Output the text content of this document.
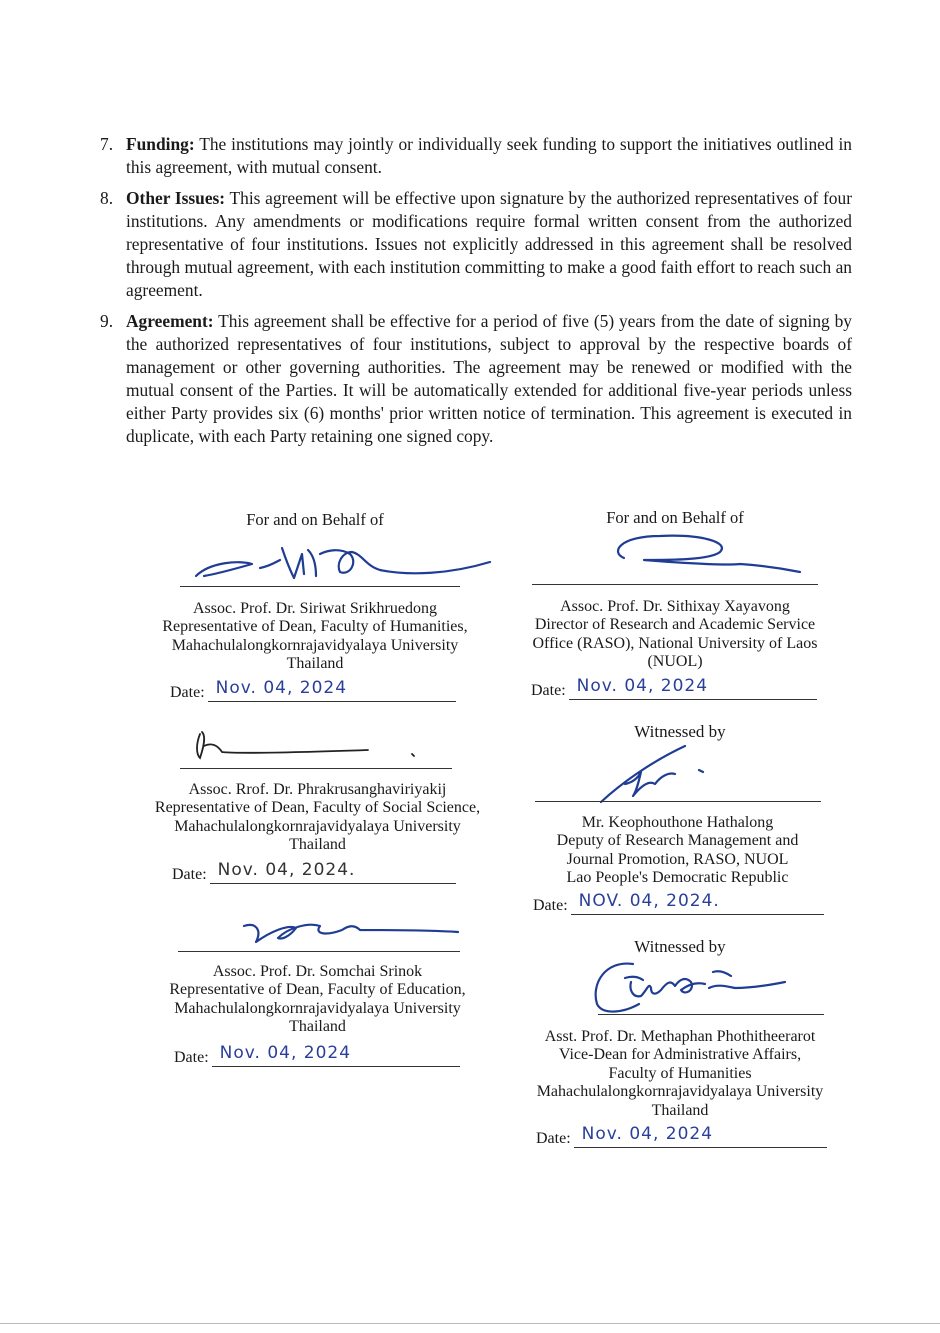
7. Funding: The institutions may jointly or individually seek funding to support the initiatives outlined in this agreement, with mutual consent.
8. Other Issues: This agreement will be effective upon signature by the authorized representatives of four institutions. Any amendments or modifications require formal written consent from the authorized representative of four institutions. Issues not explicitly addressed in this agreement shall be resolved through mutual agreement, with each institution committing to make a good faith effort to reach such an agreement.
9. Agreement: This agreement shall be effective for a period of five (5) years from the date of signing by the authorized representatives of four institutions, subject to approval by the respective boards of management or other governing authorities. The agreement may be renewed or modified with the mutual consent of the Parties. It will be automatically extended for additional five-year periods unless either Party provides six (6) months' prior written notice of termination. This agreement is executed in duplicate, with each Party retaining one signed copy.
For and on Behalf of
Assoc. Prof. Dr. Siriwat Srikhruedong
Representative of Dean, Faculty of Humanities,
Mahachulalongkornrajavidyalaya University
Thailand
Date: Nov. 04, 2024
Assoc. Rrof. Dr. Phrakrusanghaviriyakij
Representative of Dean, Faculty of Social Science,
Mahachulalongkornrajavidyalaya University
Thailand
Date: Nov. 04, 2024.
Assoc. Prof. Dr. Somchai Srinok
Representative of Dean, Faculty of Education,
Mahachulalongkornrajavidyalaya University
Thailand
Date: Nov. 04, 2024
For and on Behalf of
Assoc. Prof. Dr. Sithixay Xayavong
Director of Research and Academic Service
Office (RASO), National University of Laos
(NUOL)
Date: Nov. 04, 2024
Witnessed by
Mr. Keophouthone Hathalong
Deputy of Research Management and
Journal Promotion, RASO, NUOL
Lao People's Democratic Republic
Date: NOV. 04, 2024.
Witnessed by
Asst. Prof. Dr. Methaphan Phothitheerarot
Vice-Dean for Administrative Affairs,
Faculty of Humanities
Mahachulalongkornrajavidyalaya University
Thailand
Date: Nov. 04, 2024
